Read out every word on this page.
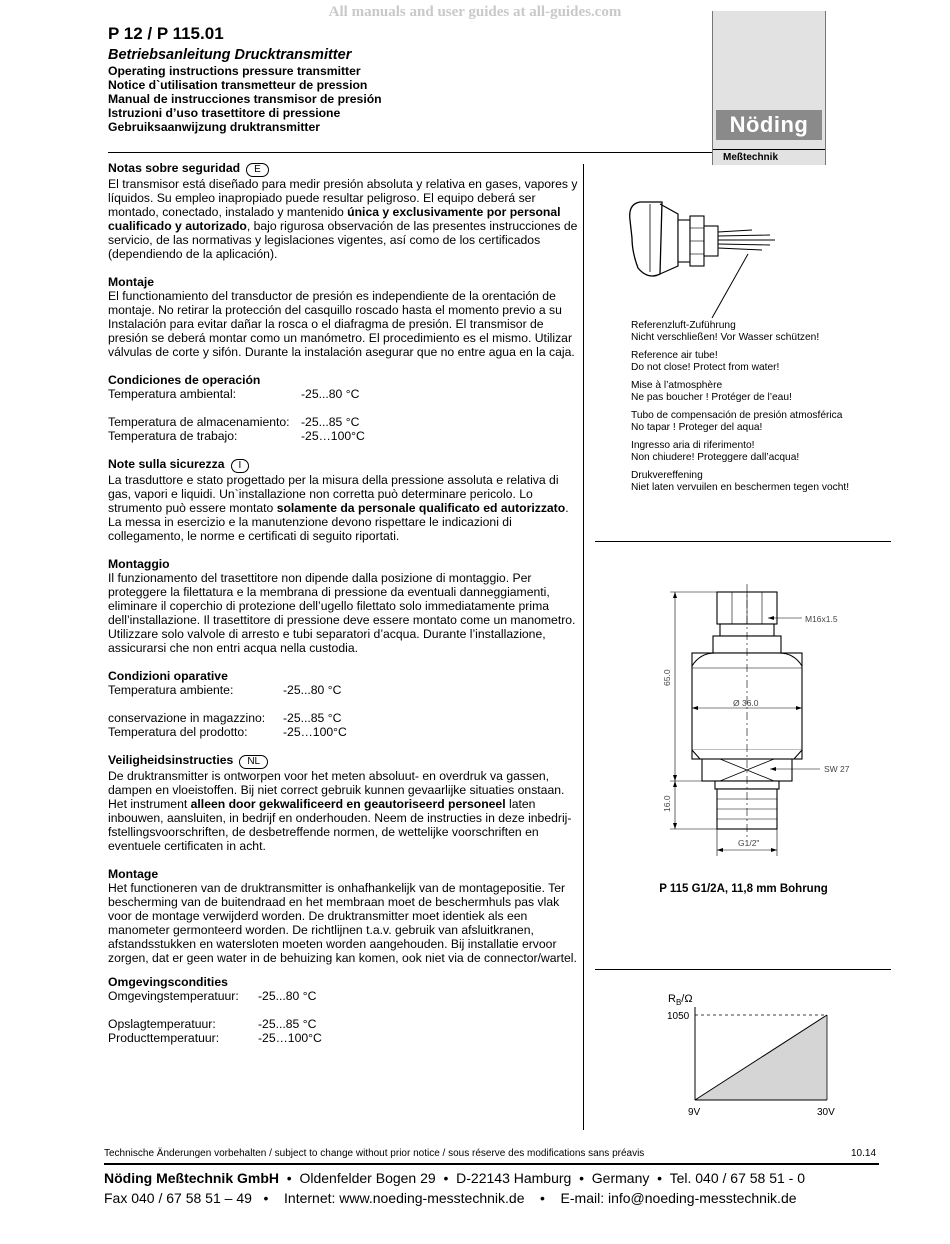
All manuals and user guides at all-guides.com
P 12 / P 115.01
Betriebsanleitung Drucktransmitter
Operating instructions pressure transmitter
Notice d`utilisation transmetteur de pression
Manual de instrucciones transmisor de presión
Istruzioni d’uso trasettitore di pressione
Gebruiksaanwijzung druktransmitter	Nöding
Meßtechnik
Notas sobre seguridad E

El transmisor está diseñado para medir presión absoluta y relativa en gases, vapores y líquidos. Su empleo inapropiado puede resultar peligroso. El equipo deberá ser montado, conectado, instalado y mantenido única y exclusivamente por personal cualificado y autorizado, bajo rigurosa observación de las presentes instrucciones de servicio, de las normativas y legislaciones vigentes, así como de los certificados (dependiendo de la aplicación).

Montaje

El functionamiento del transductor de presión es independiente de la orentación de montaje. No retirar la protección del casquillo roscado hasta el momento previo a su Instalación para evitar dañar la rosca o el diafragma de presión. El transmisor de presión se deberá montar como un manómetro. El procedimiento es el mismo. Utilizar válvulas de corte y sifón. Durante la instalación asegurar que no entre agua en la caja.

Condiciones de operación
Temperatura ambiental:	-25...80 °C
Temperatura de almacenamiento: -25...85 °C
Temperatura de trabajo:	-25…100°C
Note sulla sicurezza I

La trasduttore e stato progettado per la misura della pressione assoluta e relativa di gas, vapori e liquidi. Un`installazione non corretta può determinare pericolo. Lo strumento può essere montato solamente da personale qualificato ed autorizzato. La messa in esercizio e la manutenzione devono rispettare le indicazioni di collegamento, le norme e certificati di seguito riportati.

Montaggio

Il funzionamento del trasettitore non dipende dalla posizione di montaggio. Per proteggere la filettatura e la membrana di pressione da eventuali danneggiamenti, eliminare il coperchio di protezione dell’ugello filettato solo immediatamente prima dell’installazione. Il trasettitore di pressione deve essere montato come un manometro. Utilizzare solo valvole di arresto e tubi separatori d’acqua. Durante l’installazione, assicurarsi che non entri acqua nella custodia.

Condizioni oparative
Temperatura ambiente:	-25...80 °C
conservazione in magazzino:	-25...85 °C
Temperatura del prodotto:	-25…100°C
Veiligheidsinstructies NL

De druktransmitter is ontworpen voor het meten absoluut- en overdruk va gassen, dampen en vloeistoffen. Bij niet correct gebruik kunnen gevaarlijke situaties onstaan. Het instrument alleen door gekwalificeerd en geautoriseerd personeel laten inbouwen, aansluiten, in bedrijf en onderhouden. Neem de instructies in deze inbedrij-fstellingsvoorschriften, de desbetreffende normen, de wettelijke voorschriften en eventuele certificaten in acht.

Montage

Het functioneren van de druktransmitter is onhafhankelijk van de montagepositie. Ter bescherming van de buitendraad en het membraan moet de beschermhuls pas vlak voor de montage verwijderd worden. De druktransmitter moet identiek als een manometer germonteerd worden. De richtlijnen t.a.v. gebruik van afsluitkranen, afstandsstukken en watersloten moeten worden aangehouden. Bij installatie ervoor zorgen, dat er geen water in de behuizing kan komen, ook niet via de connector/wartel.

Omgevingscondities
Omgevingstemperatuur:	-25...80 °C
Opslagtemperatuur:	-25...85 °C
Producttemperatuur:	-25…100°C
Referenzluft-Zuführung
Nicht verschließen! Vor Wasser schützen!
Reference air tube!
Do not close! Protect from water!
Mise à l’atmosphère
Ne pas boucher ! Protéger de l’eau!
Tubo de compensación de presión atmosférica
No tapar ! Proteger del aqua!
Ingresso aria di riferimento!
Non chiudere! Proteggere dall’acqua!
Drukvereffening
Niet laten vervuilen en beschermen tegen vocht!
M16x1.5
65.0
Ø 36.0
SW 27
16.0
G1/2"
P 115 G1/2A, 11,8 mm Bohrung
$R_B/\Omega$
1050
9V	30V
Technische Änderungen vorbehalten / subject to change without prior notice / sous réserve des modifications sans préavis	10.14
Nöding Meßtechnik GmbH  •  Oldenfelder Bogen 29  •  D-22143 Hamburg  •  Germany  •  Tel. 040 / 67 58 51 - 0
Fax 040 / 67 58 51 – 49   •    Internet: www.noeding-messtechnik.de    •    E-mail: info@noeding-messtechnik.de
